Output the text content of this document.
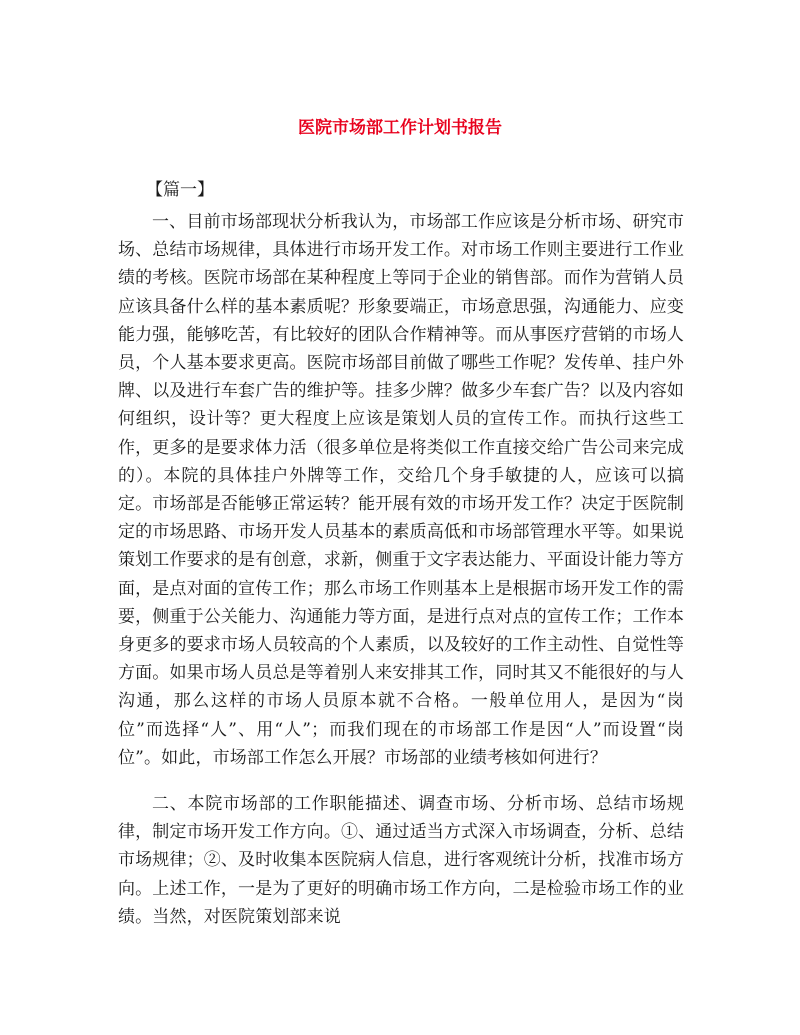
医院市场部工作计划书报告

【篇一】

一、目前市场部现状分析我认为，市场部工作应该是分析市场、研究市场、总结市场规律，具体进行市场开发工作。对市场工作则主要进行工作业绩的考核。医院市场部在某种程度上等同于企业的销售部。而作为营销人员应该具备什么样的基本素质呢？形象要端正，市场意思强，沟通能力、应变能力强，能够吃苦，有比较好的团队合作精神等。而从事医疗营销的市场人员，个人基本要求更高。医院市场部目前做了哪些工作呢？发传单、挂户外牌、以及进行车套广告的维护等。挂多少牌？做多少车套广告？以及内容如何组织，设计等？更大程度上应该是策划人员的宣传工作。而执行这些工作，更多的是要求体力活（很多单位是将类似工作直接交给广告公司来完成的）。本院的具体挂户外牌等工作，交给几个身手敏捷的人，应该可以搞定。市场部是否能够正常运转？能开展有效的市场开发工作？决定于医院制定的市场思路、市场开发人员基本的素质高低和市场部管理水平等。如果说策划工作要求的是有创意，求新，侧重于文字表达能力、平面设计能力等方面，是点对面的宣传工作；那么市场工作则基本上是根据市场开发工作的需要，侧重于公关能力、沟通能力等方面，是进行点对点的宣传工作；工作本身更多的要求市场人员较高的个人素质，以及较好的工作主动性、自觉性等方面。如果市场人员总是等着别人来安排其工作，同时其又不能很好的与人沟通，那么这样的市场人员原本就不合格。一般单位用人，是因为“岗位”而选择“人”、用“人”；而我们现在的市场部工作是因“人”而设置“岗位”。如此，市场部工作怎么开展？市场部的业绩考核如何进行？

二、本院市场部的工作职能描述、调查市场、分析市场、总结市场规律，制定市场开发工作方向。①、通过适当方式深入市场调查，分析、总结市场规律；②、及时收集本医院病人信息，进行客观统计分析，找准市场方向。上述工作，一是为了更好的明确市场工作方向，二是检验市场工作的业绩。当然，对医院策划部来说
